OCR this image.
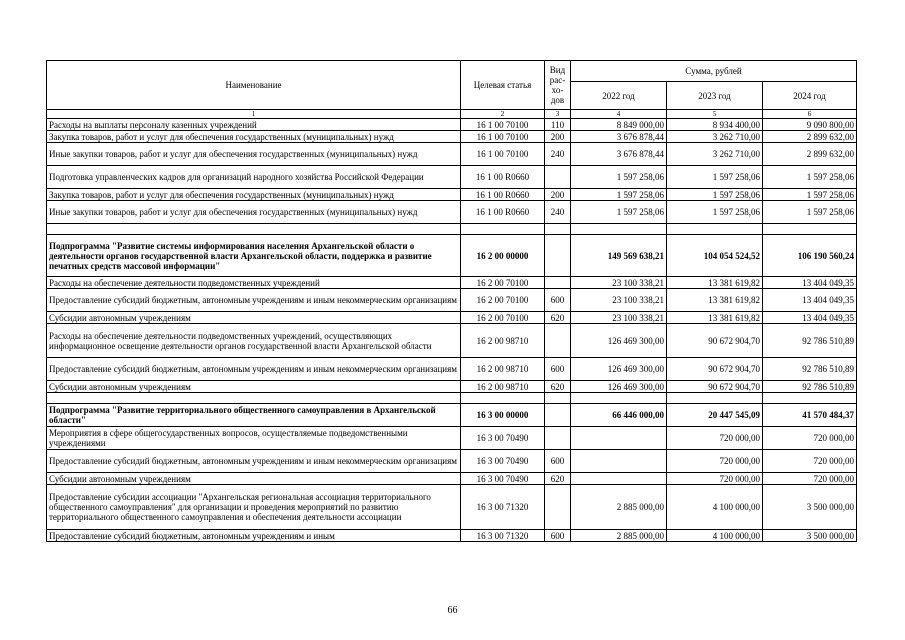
Наименование	Целевая статья	Вид рас- хо- дов	Сумма, рублей		
			2022 год	2023 год	2024 год
1	2	3	4	5	6
Расходы на выплаты персоналу казенных учреждений	16 1 00 70100	110	8 849 000,00	8 934 400,00	9 090 800,00
Закупка товаров, работ и услуг для обеспечения государственных (муниципальных) нужд	16 1 00 70100	200	3 676 878,44	3 262 710,00	2 899 632,00
Иные закупки товаров, работ и услуг для обеспечения государственных (муниципальных) нужд	16 1 00 70100	240	3 676 878,44	3 262 710,00	2 899 632,00
Подготовка управленческих кадров для организаций народного хозяйства Российской Федерации	16 1 00 R0660		1 597 258,06	1 597 258,06	1 597 258,06
Закупка товаров, работ и услуг для обеспечения государственных (муниципальных) нужд	16 1 00 R0660	200	1 597 258,06	1 597 258,06	1 597 258,06
Иные закупки товаров, работ и услуг для обеспечения государственных (муниципальных) нужд	16 1 00 R0660	240	1 597 258,06	1 597 258,06	1 597 258,06

Подпрограмма "Развитие системы информирования населения Архангельской области о деятельности органов государственной власти Архангельской области, поддержка и развитие печатных средств массовой информации"	16 2 00 00000		149 569 638,21	104 054 524,52	106 190 560,24
Расходы на обеспечение деятельности подведомственных учреждений	16 2 00 70100		23 100 338,21	13 381 619,82	13 404 049,35
Предоставление субсидий бюджетным, автономным учреждениям и иным некоммерческим организациям	16 2 00 70100	600	23 100 338,21	13 381 619,82	13 404 049,35
Субсидии автономным учреждениям	16 2 00 70100	620	23 100 338,21	13 381 619,82	13 404 049,35
Расходы на обеспечение деятельности подведомственных учреждений, осуществляющих информационное освещение деятельности органов государственной власти Архангельской области	16 2 00 98710		126 469 300,00	90 672 904,70	92 786 510,89
Предоставление субсидий бюджетным, автономным учреждениям и иным некоммерческим организациям	16 2 00 98710	600	126 469 300,00	90 672 904,70	92 786 510,89
Субсидии автономным учреждениям	16 2 00 98710	620	126 469 300,00	90 672 904,70	92 786 510,89

Подпрограмма "Развитие территориального общественного самоуправления в Архангельской области"	16 3 00 00000		66 446 000,00	20 447 545,09	41 570 484,37
Мероприятия в сфере общегосударственных вопросов, осуществляемые подведомственными учреждениями	16 3 00 70490			720 000,00	720 000,00
Предоставление субсидий бюджетным, автономным учреждениям и иным некоммерческим организациям	16 3 00 70490	600		720 000,00	720 000,00
Субсидии автономным учреждениям	16 3 00 70490	620		720 000,00	720 000,00
Предоставление субсидии ассоциации "Архангельская региональная ассоциация территориального общественного самоуправления" для организации и проведения мероприятий по развитию территориального общественного самоуправления и обеспечения деятельности ассоциации	16 3 00 71320		2 885 000,00	4 100 000,00	3 500 000,00
Предоставление субсидий бюджетным, автономным учреждениям и иным	16 3 00 71320	600	2 885 000,00	4 100 000,00	3 500 000,00
66
